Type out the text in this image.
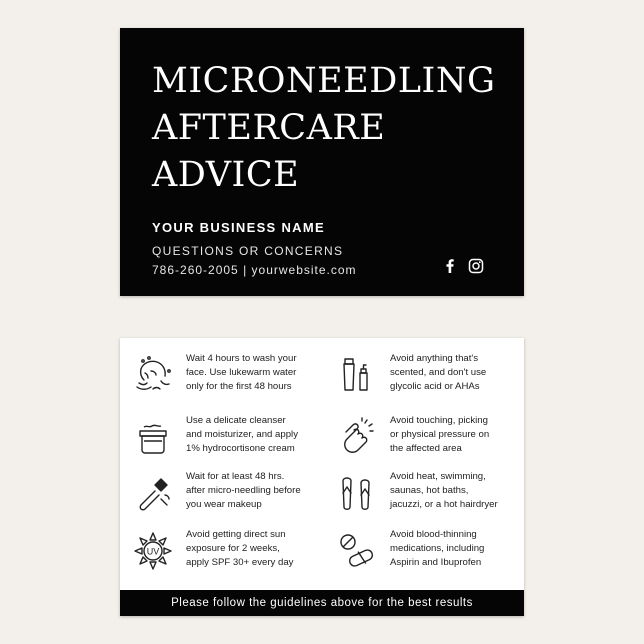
MICRONEEDLING
AFTERCARE
ADVICE
YOUR BUSINESS NAME
QUESTIONS OR CONCERNS
786-260-2005 | yourwebsite.com
Wait 4 hours to wash your
face. Use lukewarm water
only for the first 48 hours
Avoid anything that's
scented, and don't use
glycolic acid or AHAs
Use a delicate cleanser
and moisturizer, and apply
1% hydrocortisone cream
Avoid touching, picking
or physical pressure on
the affected area
Wait for at least 48 hrs.
after micro-needling before
you wear makeup
Avoid heat, swimming,
saunas, hot baths,
jacuzzi, or a hot hairdryer
UV
Avoid getting direct sun
exposure for 2 weeks,
apply SPF 30+ every day
Avoid blood-thinning
medications, including
Aspirin and Ibuprofen
Please follow the guidelines above for the best results
